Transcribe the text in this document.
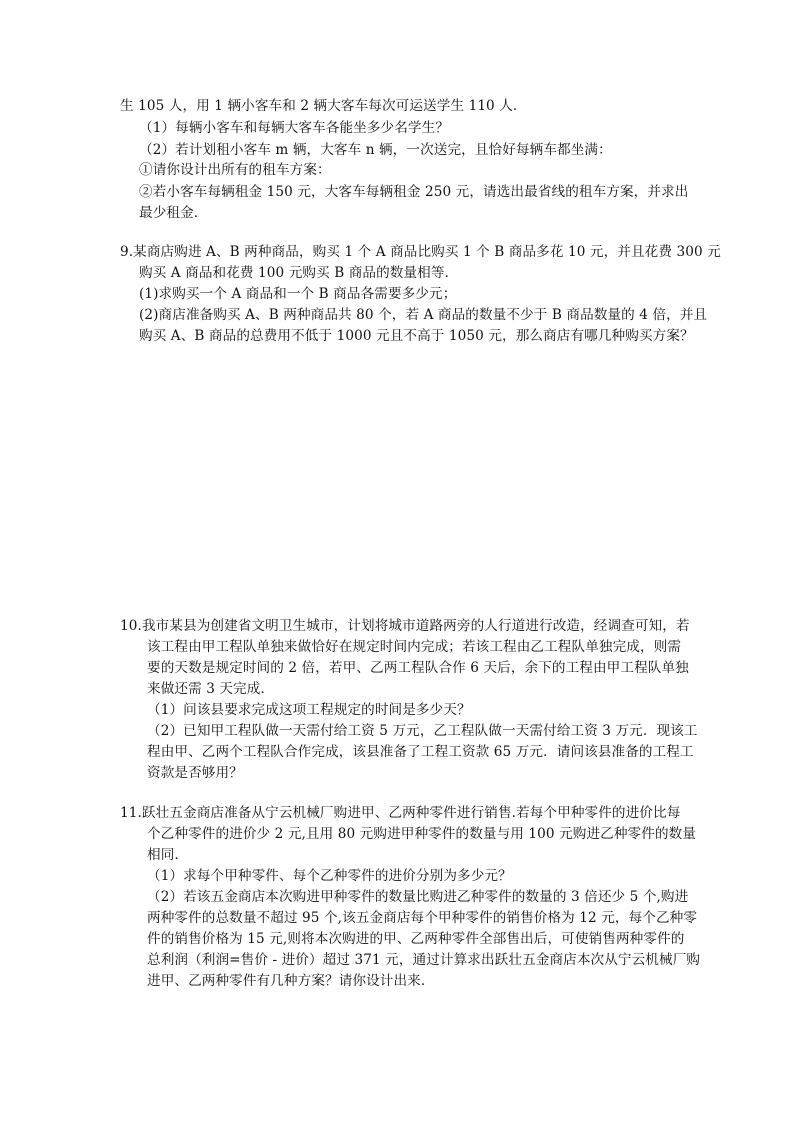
生 105 人，用 1 辆小客车和 2 辆大客车每次可运送学生 110 人．
（1）每辆小客车和每辆大客车各能坐多少名学生？
（2）若计划租小客车 m 辆，大客车 n 辆，一次送完，且恰好每辆车都坐满：
①请你设计出所有的租车方案：
②若小客车每辆租金 150 元，大客车每辆租金 250 元，请选出最省线的租车方案，并求出
最少租金．
9.某商店购进 A、B 两种商品，购买 1 个 A 商品比购买 1 个 B 商品多花 10 元，并且花费 300 元
购买 A 商品和花费 100 元购买 B 商品的数量相等．
(1)求购买一个 A 商品和一个 B 商品各需要多少元；
(2)商店准备购买 A、B 两种商品共 80 个，若 A 商品的数量不少于 B 商品数量的 4 倍，并且
购买 A、B 商品的总费用不低于 1000 元且不高于 1050 元，那么商店有哪几种购买方案？
10.我市某县为创建省文明卫生城市，计划将城市道路两旁的人行道进行改造，经调查可知，若
该工程由甲工程队单独来做恰好在规定时间内完成；若该工程由乙工程队单独完成，则需
要的天数是规定时间的 2 倍，若甲、乙两工程队合作 6 天后，余下的工程由甲工程队单独
来做还需 3 天完成．
（1）问该县要求完成这项工程规定的时间是多少天？
（2）已知甲工程队做一天需付给工资 5 万元，乙工程队做一天需付给工资 3 万元．现该工
程由甲、乙两个工程队合作完成，该县准备了工程工资款 65 万元．请问该县准备的工程工
资款是否够用？
11.跃壮五金商店准备从宁云机械厂购进甲、乙两种零件进行销售.若每个甲种零件的进价比每
个乙种零件的进价少 2 元,且用 80 元购进甲种零件的数量与用 100 元购进乙种零件的数量
相同.
（1）求每个甲种零件、每个乙种零件的进价分别为多少元？
（2）若该五金商店本次购进甲种零件的数量比购进乙种零件的数量的 3 倍还少 5 个,购进
两种零件的总数量不超过 95 个,该五金商店每个甲种零件的销售价格为 12 元，每个乙种零
件的销售价格为 15 元,则将本次购进的甲、乙两种零件全部售出后，可使销售两种零件的
总利润（利润=售价 - 进价）超过 371 元，通过计算求出跃壮五金商店本次从宁云机械厂购
进甲、乙两种零件有几种方案？请你设计出来．
